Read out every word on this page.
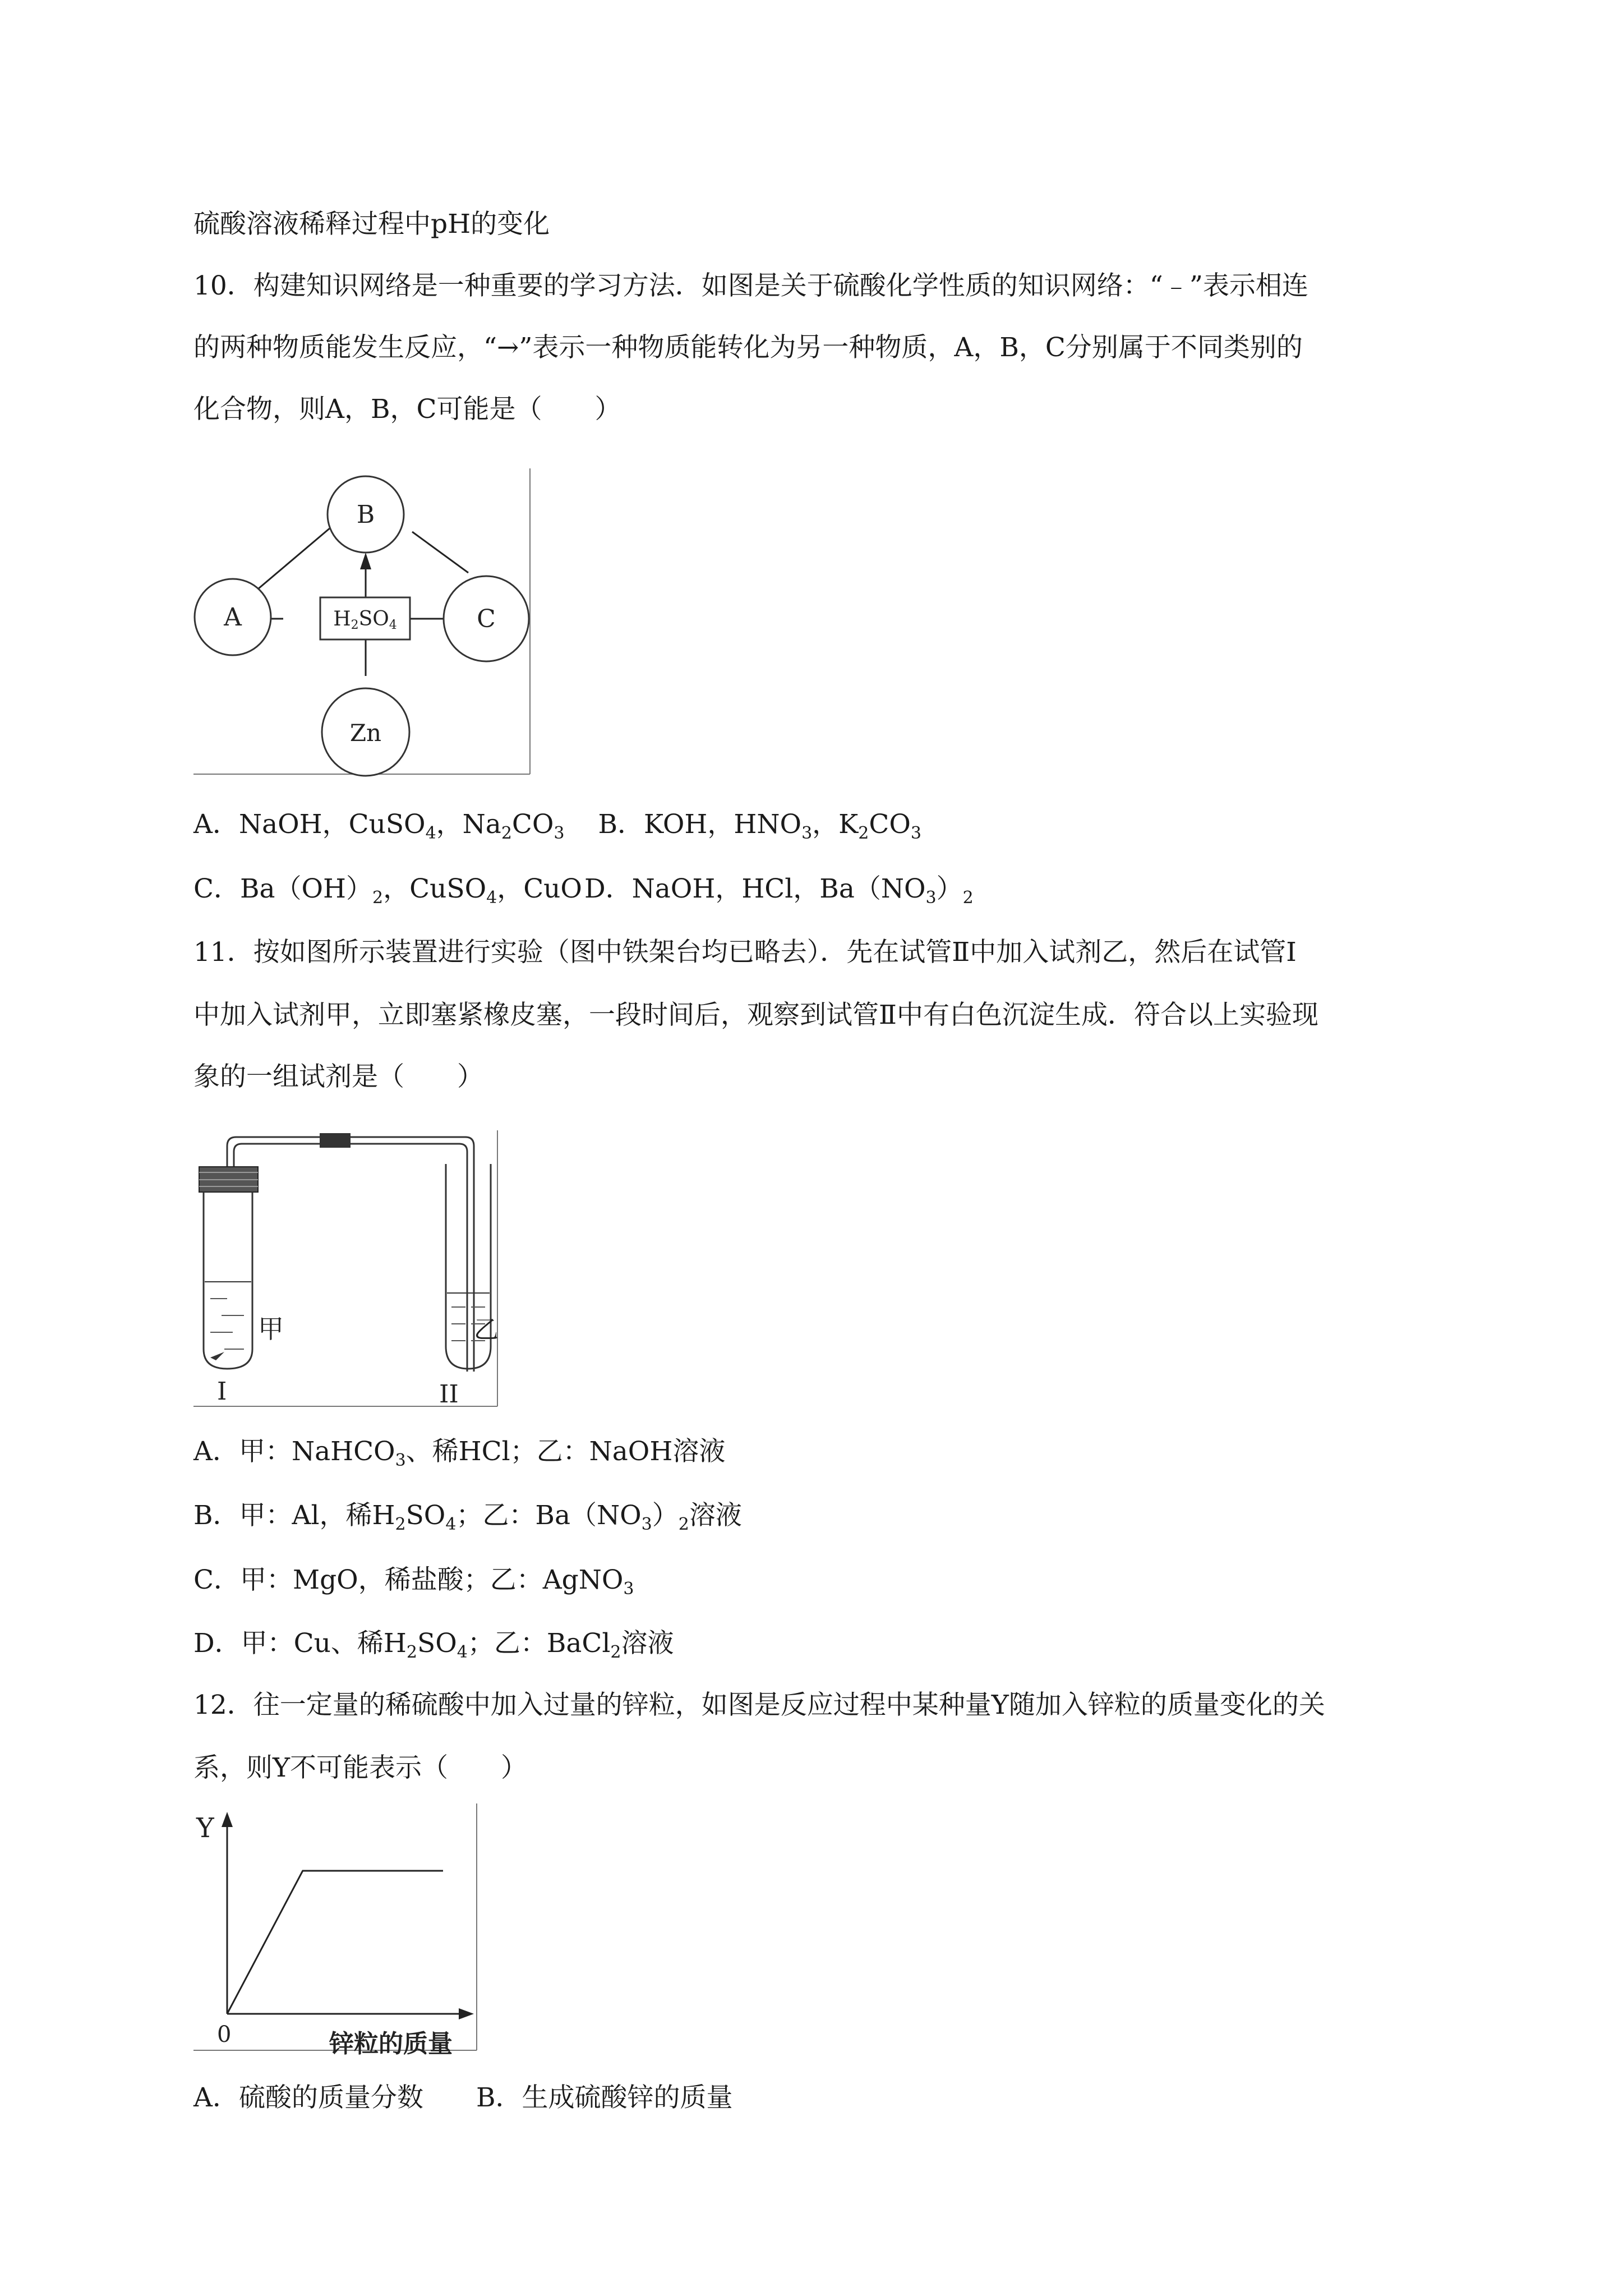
硫酸溶液稀释过程中pH的变化
10．构建知识网络是一种重要的学习方法．如图是关于硫酸化学性质的知识网络：“﹣”表示相连
的两种物质能发生反应，“→”表示一种物质能转化为另一种物质，A，B，C分别属于不同类别的
化合物，则A，B，C可能是（　　）
B
A	C
Zn
H2SO4
A．NaOH，CuSO$_4$，$Na_2CO_3$ B．KOH，$HNO_3$，$K_2CO_3$
C．$Ba(OH)_2$，CuSO$_4$，CuOD．NaOH，HCl，$Ba(NO_3)_2$
11．按如图所示装置进行实验（图中铁架台均已略去）．先在试管Ⅱ中加入试剂乙，然后在试管Ⅰ
中加入试剂甲，立即塞紧橡皮塞，一段时间后，观察到试管Ⅱ中有白色沉淀生成．符合以上实验现
象的一组试剂是（　　）
甲
I
乙
II
A．甲：NaHCO$_3$、稀HCl；乙：NaOH溶液
B．甲：Al，稀$H_2SO_4$；乙：$Ba(NO_3)_2$溶液
C．甲：MgO，稀盐酸；乙：AgNO$_3$
D．甲：Cu、稀$H_2SO_4$；乙：BaCl$_2$溶液
12．往一定量的稀硫酸中加入过量的锌粒，如图是反应过程中某种量Y随加入锌粒的质量变化的关
系，则Y不可能表示（　　）
Y
0	锌粒的质量
A．硫酸的质量分数　　B．生成硫酸锌的质量
